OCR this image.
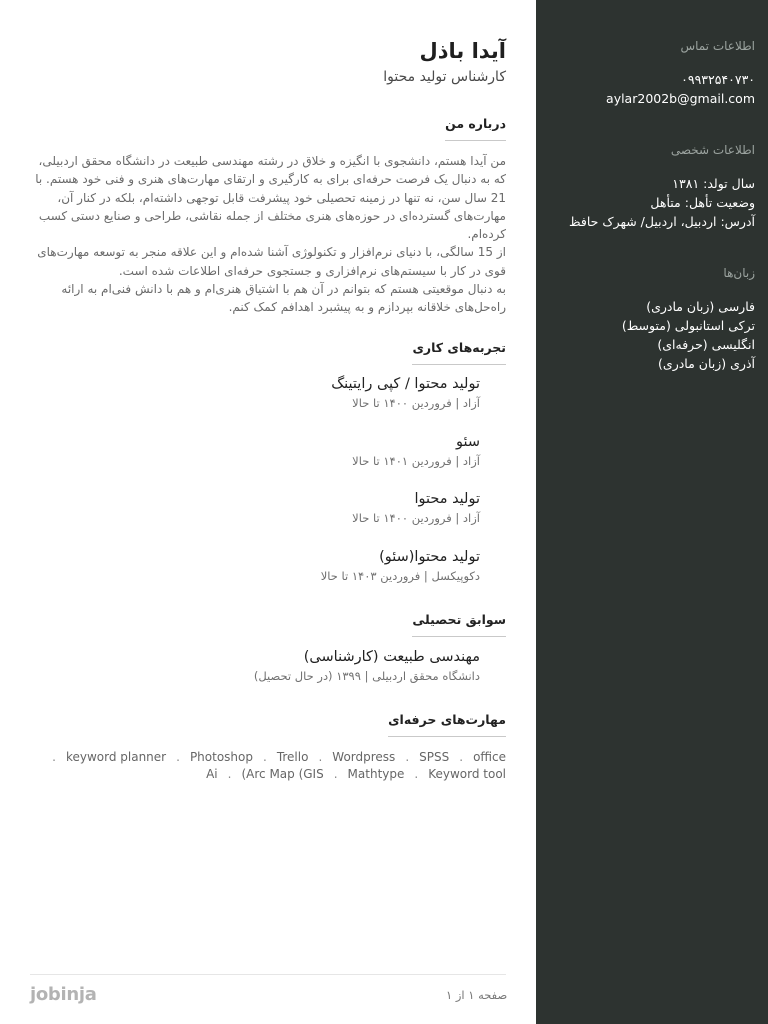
اطلاعات تماس
۰۹۹۳۲۵۴۰۷۳۰
aylar2002b@gmail.com
اطلاعات شخصی
سال تولد: ۱۳۸۱
وضعیت تأهل: متأهل
آدرس: اردبیل، اردبیل/ شهرک حافظ
زبان‌ها
فارسی (زبان مادری)
ترکی استانبولی (متوسط)
انگلیسی (حرفه‌ای)
آذری (زبان مادری)
آیدا باذل
کارشناس تولید محتوا
درباره من

من آیدا هستم، دانشجوی با انگیزه و خلاق در رشته مهندسی طبیعت در دانشگاه محقق اردبیلی،

که به دنبال یک فرصت حرفه‌ای برای به کارگیری و ارتقای مهارت‌های هنری و فنی خود هستم. با

21 سال سن، نه تنها در زمینه تحصیلی خود پیشرفت قابل توجهی داشته‌ام، بلکه در کنار آن،

مهارت‌های گسترده‌ای در حوزه‌های هنری مختلف از جمله نقاشی، طراحی و صنایع دستی کسب

کرده‌ام.

از 15 سالگی، با دنیای نرم‌افزار و تکنولوژی آشنا شده‌ام و این علاقه منجر به توسعه مهارت‌های

قوی در کار با سیستم‌های نرم‌افزاری و جستجوی حرفه‌ای اطلاعات شده است.

به دنبال موقعیتی هستم که بتوانم در آن هم با اشتیاق هنری‌ام و هم با دانش فنی‌ام به ارائه

راه‌حل‌های خلاقانه بپردازم و به پیشبرد اهدافم کمک کنم.

تجربه‌های کاری
تولید محتوا / کپی رایتینگ
آزاد | فروردین ۱۴۰۰ تا حالا
سئو
آزاد | فروردین ۱۴۰۱ تا حالا
تولید محتوا
آزاد | فروردین ۱۴۰۰ تا حالا
تولید محتوا(سئو)
دکوپیکسل | فروردین ۱۴۰۳ تا حالا
سوابق تحصیلی
مهندسی طبیعت (کارشناسی)
دانشگاه محقق اردبیلی | ۱۳۹۹ (در حال تحصیل)
مهارت‌های حرفه‌ای
office
.
SPSS
.
Wordpress
.
Trello
.
Photoshop
.
keyword planner
.
Keyword tool
.
Mathtype
.
(Arc Map (GIS
.
Ai
jobinja	صفحه ۱ از ۱
